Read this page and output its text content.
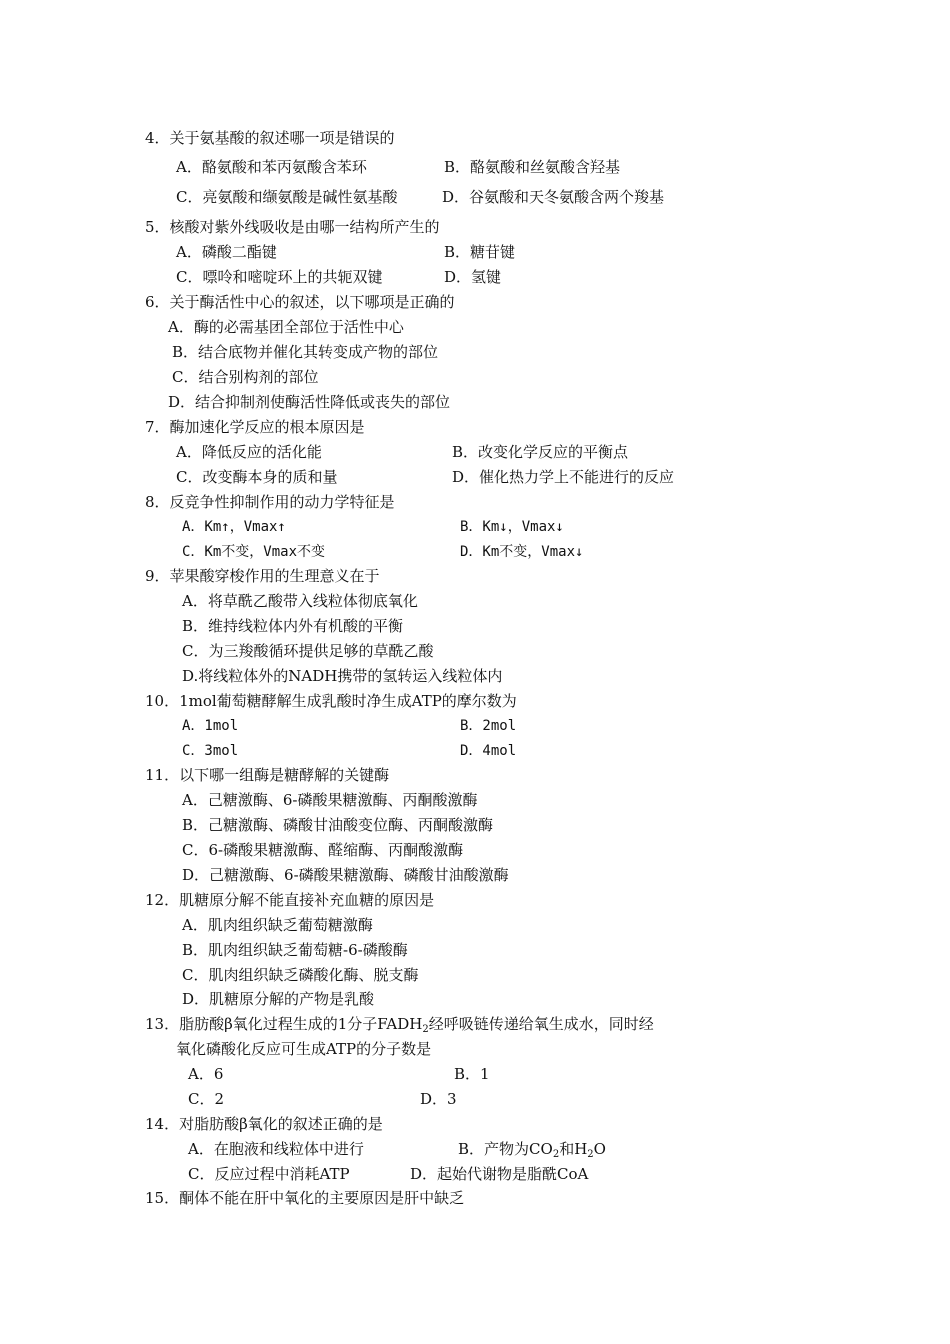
4．关于氨基酸的叙述哪一项是错误的
A．酪氨酸和苯丙氨酸含苯环	B．酪氨酸和丝氨酸含羟基
C．亮氨酸和缬氨酸是碱性氨基酸	D．谷氨酸和天冬氨酸含两个羧基
5．核酸对紫外线吸收是由哪一结构所产生的
A．磷酸二酯键	B．糖苷键
C．嘌呤和嘧啶环上的共轭双键	D．氢键
6．关于酶活性中心的叙述，以下哪项是正确的
A．酶的必需基团全部位于活性中心
B．结合底物并催化其转变成产物的部位
C．结合别构剂的部位
D．结合抑制剂使酶活性降低或丧失的部位
7．酶加速化学反应的根本原因是
A．降低反应的活化能	B．改变化学反应的平衡点
C．改变酶本身的质和量	D．催化热力学上不能进行的反应
8．反竞争性抑制作用的动力学特征是
A．Km↑，Vmax↑	B．Km↓，Vmax↓
C．Km不变，Vmax不变	D．Km不变，Vmax↓
9．苹果酸穿梭作用的生理意义在于
A．将草酰乙酸带入线粒体彻底氧化
B．维持线粒体内外有机酸的平衡
C．为三羧酸循环提供足够的草酰乙酸
D.将线粒体外的NADH携带的氢转运入线粒体内
10．1mol葡萄糖酵解生成乳酸时净生成ATP的摩尔数为
A．1mol	B．2mol
C．3mol	D．4mol
11．以下哪一组酶是糖酵解的关键酶
A．己糖激酶、6-磷酸果糖激酶、丙酮酸激酶
B．己糖激酶、磷酸甘油酸变位酶、丙酮酸激酶
C．6-磷酸果糖激酶、醛缩酶、丙酮酸激酶
D．己糖激酶、6-磷酸果糖激酶、磷酸甘油酸激酶
12．肌糖原分解不能直接补充血糖的原因是
A．肌肉组织缺乏葡萄糖激酶
B．肌肉组织缺乏葡萄糖-6-磷酸酶
C．肌肉组织缺乏磷酸化酶、脱支酶
D．肌糖原分解的产物是乳酸
13．脂肪酸β氧化过程生成的1分子$FADH_2$经呼吸链传递给氧生成水，同时经
氧化磷酸化反应可生成ATP的分子数是
A．6	B．1
C．2	D．3
14．对脂肪酸β氧化的叙述正确的是
A．在胞液和线粒体中进行	B．产物为$CO_2$和$H_2O$
C．反应过程中消耗ATP	D．起始代谢物是脂酰CoA
15．酮体不能在肝中氧化的主要原因是肝中缺乏
